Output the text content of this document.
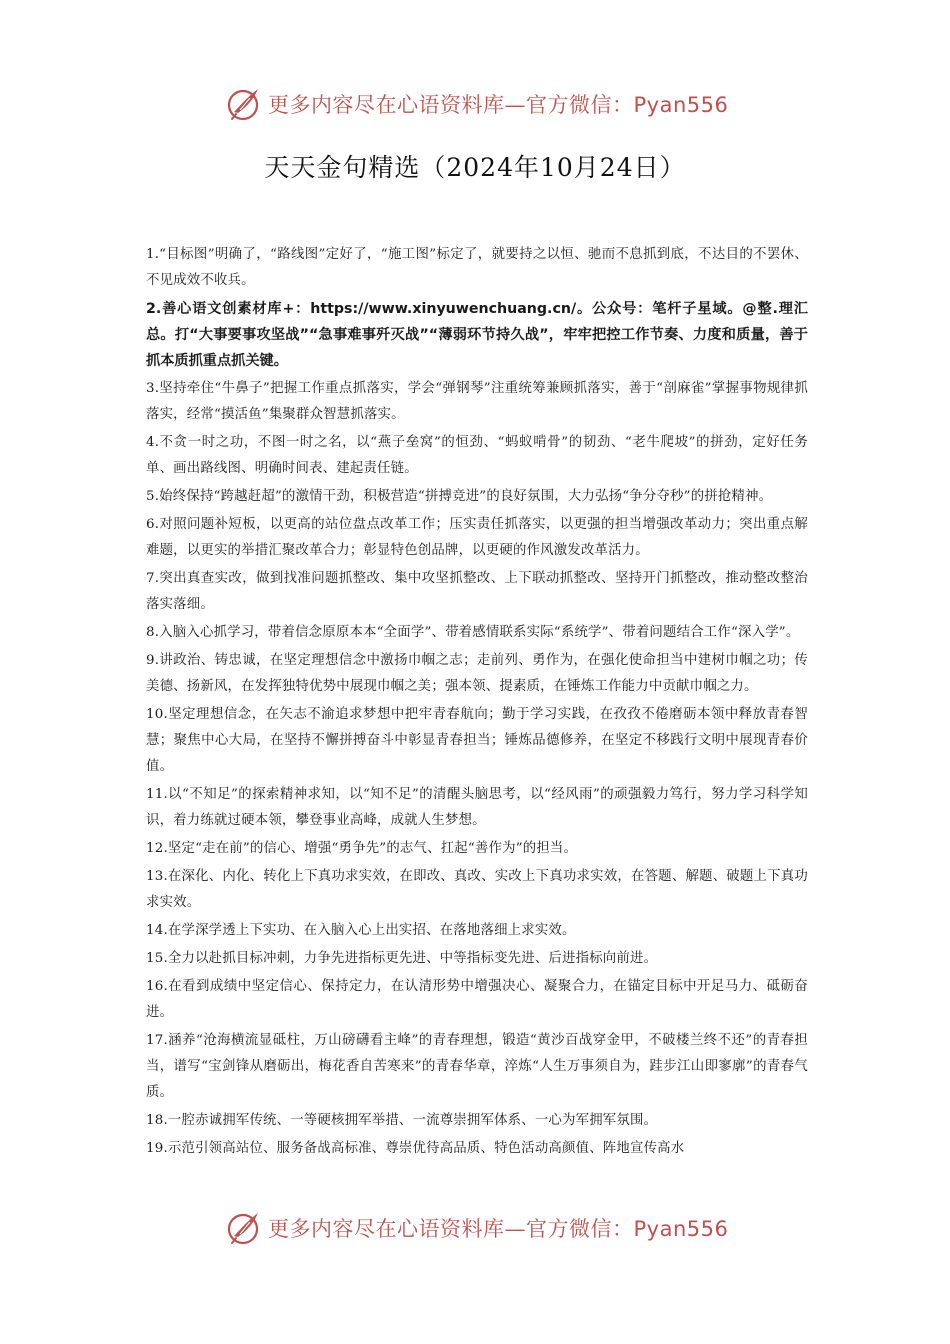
更多内容尽在心语资料库—官方微信：Pyan556
天天金句精选（2024年10月24日）

1.“目标图”明确了，“路线图”定好了，“施工图”标定了，就要持之以恒、驰而不息抓到底，不达目的不罢休、不见成效不收兵。

2.善心语文创素材库+：https://www.xinyuwenchuang.cn/。公众号：笔杆子星域。@整.理汇总。打“大事要事攻坚战”“急事难事歼灭战”“薄弱环节持久战”，牢牢把控工作节奏、力度和质量，善于抓本质抓重点抓关键。

3.坚持牵住“牛鼻子”把握工作重点抓落实，学会“弹钢琴”注重统筹兼顾抓落实，善于“剖麻雀”掌握事物规律抓落实，经常“摸活鱼”集聚群众智慧抓落实。

4.不贪一时之功，不图一时之名，以“燕子垒窝”的恒劲、“蚂蚁啃骨”的韧劲、“老牛爬坡”的拼劲，定好任务单、画出路线图、明确时间表、建起责任链。

5.始终保持“跨越赶超”的激情干劲，积极营造“拼搏竞进”的良好氛围，大力弘扬“争分夺秒”的拼抢精神。

6.对照问题补短板，以更高的站位盘点改革工作；压实责任抓落实，以更强的担当增强改革动力；突出重点解难题，以更实的举措汇聚改革合力；彰显特色创品牌，以更硬的作风激发改革活力。

7.突出真查实改，做到找准问题抓整改、集中攻坚抓整改、上下联动抓整改、坚持开门抓整改，推动整改整治落实落细。

8.入脑入心抓学习，带着信念原原本本“全面学”、带着感情联系实际“系统学”、带着问题结合工作“深入学”。

9.讲政治、铸忠诚，在坚定理想信念中激扬巾帼之志；走前列、勇作为，在强化使命担当中建树巾帼之功；传美德、扬新风，在发挥独特优势中展现巾帼之美；强本领、提素质，在锤炼工作能力中贡献巾帼之力。

10.坚定理想信念，在矢志不渝追求梦想中把牢青春航向；勤于学习实践，在孜孜不倦磨砺本领中释放青春智慧；聚焦中心大局，在坚持不懈拼搏奋斗中彰显青春担当；锤炼品德修养，在坚定不移践行文明中展现青春价值。

11.以“不知足”的探索精神求知，以“知不足”的清醒头脑思考，以“经风雨”的顽强毅力笃行，努力学习科学知识，着力练就过硬本领，攀登事业高峰，成就人生梦想。

12.坚定“走在前”的信心、增强“勇争先”的志气、扛起“善作为”的担当。

13.在深化、内化、转化上下真功求实效，在即改、真改、实改上下真功求实效，在答题、解题、破题上下真功求实效。

14.在学深学透上下实功、在入脑入心上出实招、在落地落细上求实效。

15.全力以赴抓目标冲刺，力争先进指标更先进、中等指标变先进、后进指标向前进。

16.在看到成绩中坚定信心、保持定力，在认清形势中增强决心、凝聚合力，在锚定目标中开足马力、砥砺奋进。

17.涵养“沧海横流显砥柱，万山磅礴看主峰”的青春理想，锻造“黄沙百战穿金甲，不破楼兰终不还”的青春担当，谱写“宝剑锋从磨砺出，梅花香自苦寒来”的青春华章，淬炼“人生万事须自为，跬步江山即寥廓”的青春气质。

18.一腔赤诚拥军传统、一等硬核拥军举措、一流尊崇拥军体系、一心为军拥军氛围。

19.示范引领高站位、服务备战高标准、尊崇优待高品质、特色活动高颜值、阵地宣传高水

更多内容尽在心语资料库—官方微信：Pyan556
